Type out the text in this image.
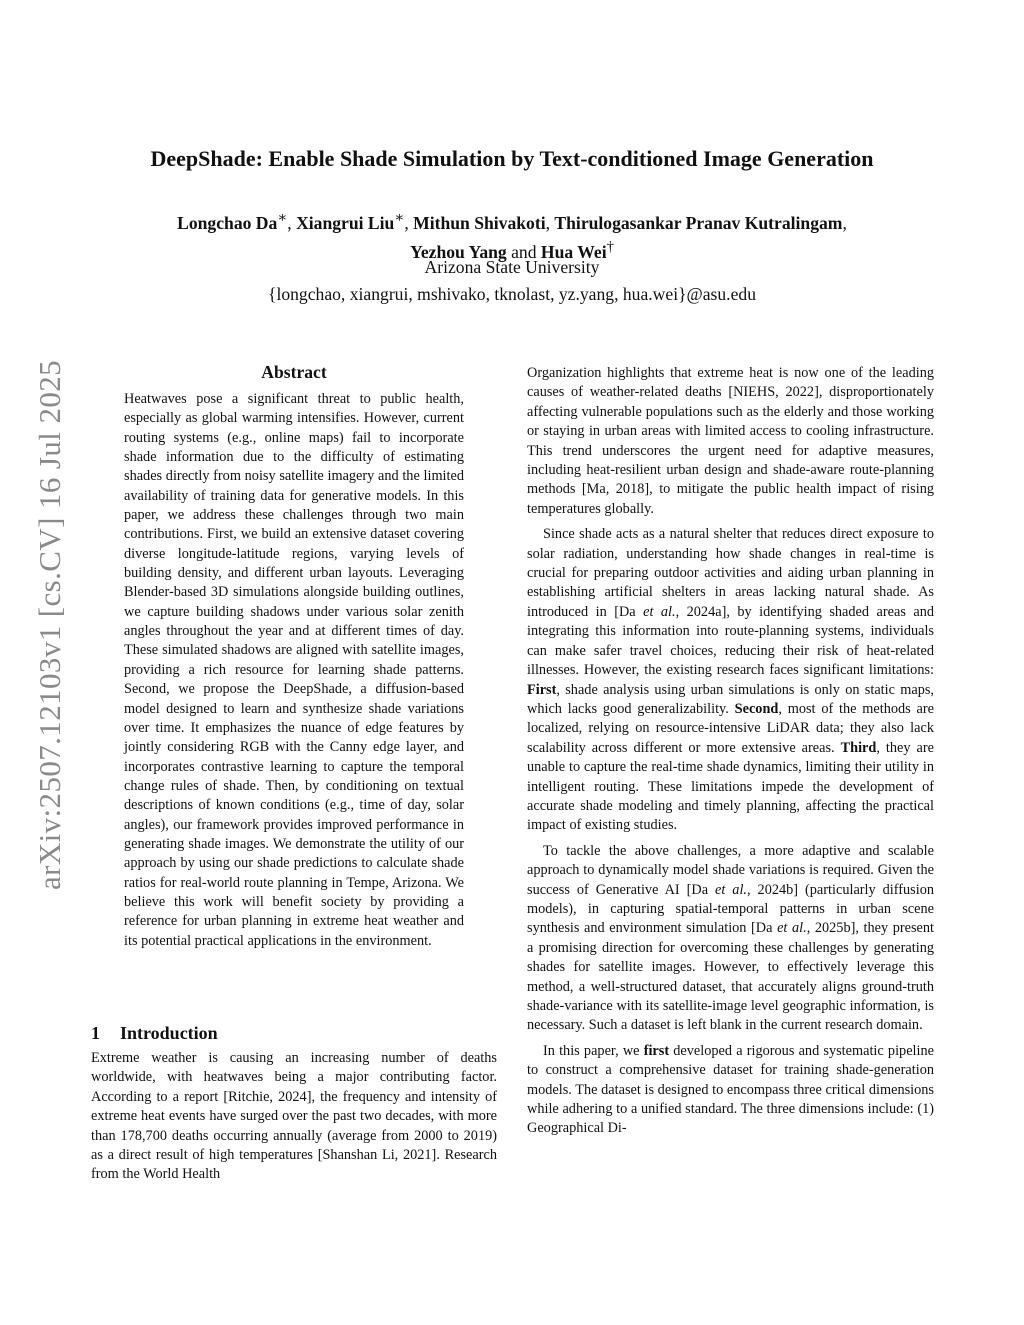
arXiv:2507.12103v1 [cs.CV] 16 Jul 2025
DeepShade: Enable Shade Simulation by Text-conditioned Image Generation
Longchao Da∗, Xiangrui Liu∗, Mithun Shivakoti, Thirulogasankar Pranav Kutralingam, Yezhou Yang and Hua Wei†
Arizona State University
{longchao, xiangrui, mshivako, tknolast, yz.yang, hua.wei}@asu.edu
Abstract
Heatwaves pose a significant threat to public health, especially as global warming intensifies. However, current routing systems (e.g., online maps) fail to incorporate shade information due to the difficulty of estimating shades directly from noisy satellite imagery and the limited availability of training data for generative models. In this paper, we address these challenges through two main contributions. First, we build an extensive dataset covering diverse longitude-latitude regions, varying levels of building density, and different urban layouts. Leveraging Blender-based 3D simulations alongside building outlines, we capture building shadows under various solar zenith angles throughout the year and at different times of day. These simulated shadows are aligned with satellite images, providing a rich resource for learning shade patterns. Second, we propose the DeepShade, a diffusion-based model designed to learn and synthesize shade variations over time. It emphasizes the nuance of edge features by jointly considering RGB with the Canny edge layer, and incorporates contrastive learning to capture the temporal change rules of shade. Then, by conditioning on textual descriptions of known conditions (e.g., time of day, solar angles), our framework provides improved performance in generating shade images. We demonstrate the utility of our approach by using our shade predictions to calculate shade ratios for real-world route planning in Tempe, Arizona. We believe this work will benefit society by providing a reference for urban planning in extreme heat weather and its potential practical applications in the environment.
1 Introduction
Extreme weather is causing an increasing number of deaths worldwide, with heatwaves being a major contributing factor. According to a report [Ritchie, 2024], the frequency and intensity of extreme heat events have surged over the past two decades, with more than 178,700 deaths occurring annually (average from 2000 to 2019) as a direct result of high temperatures [Shanshan Li, 2021]. Research from the World Health

Organization highlights that extreme heat is now one of the leading causes of weather-related deaths [NIEHS, 2022], disproportionately affecting vulnerable populations such as the elderly and those working or staying in urban areas with limited access to cooling infrastructure. This trend underscores the urgent need for adaptive measures, including heat-resilient urban design and shade-aware route-planning methods [Ma, 2018], to mitigate the public health impact of rising temperatures globally.

Since shade acts as a natural shelter that reduces direct exposure to solar radiation, understanding how shade changes in real-time is crucial for preparing outdoor activities and aiding urban planning in establishing artificial shelters in areas lacking natural shade. As introduced in [Da et al., 2024a], by identifying shaded areas and integrating this information into route-planning systems, individuals can make safer travel choices, reducing their risk of heat-related illnesses. However, the existing research faces significant limitations: First, shade analysis using urban simulations is only on static maps, which lacks good generalizability. Second, most of the methods are localized, relying on resource-intensive LiDAR data; they also lack scalability across different or more extensive areas. Third, they are unable to capture the real-time shade dynamics, limiting their utility in intelligent routing. These limitations impede the development of accurate shade modeling and timely planning, affecting the practical impact of existing studies.

To tackle the above challenges, a more adaptive and scalable approach to dynamically model shade variations is required. Given the success of Generative AI [Da et al., 2024b] (particularly diffusion models), in capturing spatial-temporal patterns in urban scene synthesis and environment simulation [Da et al., 2025b], they present a promising direction for overcoming these challenges by generating shades for satellite images. However, to effectively leverage this method, a well-structured dataset, that accurately aligns ground-truth shade-variance with its satellite-image level geographic information, is necessary. Such a dataset is left blank in the current research domain.

In this paper, we first developed a rigorous and systematic pipeline to construct a comprehensive dataset for training shade-generation models. The dataset is designed to encompass three critical dimensions while adhering to a unified standard. The three dimensions include: (1) Geographical Di-
